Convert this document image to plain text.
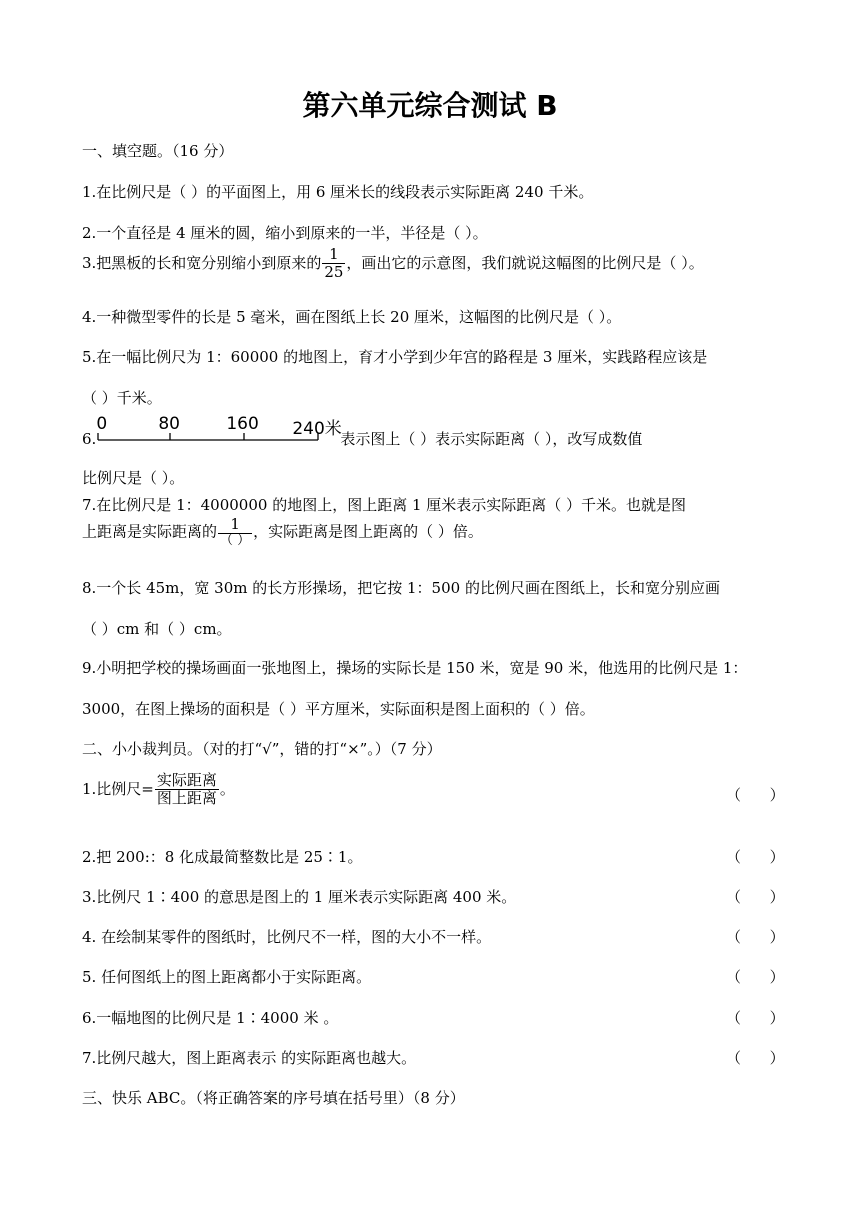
第六单元综合测试 B
一、填空题。（16 分）
1.在比例尺是（ ）的平面图上，用 6 厘米长的线段表示实际距离 240 千米。
2.一个直径是 4 厘米的圆，缩小到原来的一半，半径是（ ）。
3.把黑板的长和宽分别缩小到原来的 $\frac{1}{25}$ ，画出它的示意图，我们就说这幅图的比例尺是（ ）。
4.一种微型零件的长是 5 毫米，画在图纸上长 20 厘米，这幅图的比例尺是（ ）。
5.在一幅比例尺为 1：60000 的地图上，育才小学到少年宫的路程是 3 厘米，实践路程应该是
（ ）千米。
6.
0	80	160 240米
表示图上（ ）表示实际距离（ ），改写成数值
比例尺是（ ）。
7.在比例尺是 1：4000000 的地图上，图上距离 1 厘米表示实际距离（ ）千米。也就是图
上距离是实际距离的 $\frac{1}{( )}$ ，实际距离是图上距离的（ ）倍。
8.一个长 45m，宽 30m 的长方形操场，把它按 1：500 的比例尺画在图纸上，长和宽分别应画
（ ）cm 和（ ）cm。
9.小明把学校的操场画面一张地图上，操场的实际长是 150 米，宽是 90 米，他选用的比例尺是 1：
3000，在图上操场的面积是（ ）平方厘米，实际面积是图上面积的（ ）倍。
二、小小裁判员。（对的打“√”，错的打“×”。）（7 分）
1.比例尺= $\frac{\text{实际距离}}{\text{图上距离}}$ 。	（      ）
2.把 200:：8 化成最简整数比是 25∶1。	（      ）
3.比例尺 1∶400 的意思是图上的 1 厘米表示实际距离 400 米。	（      ）
4. 在绘制某零件的图纸时，比例尺不一样，图的大小不一样。	（      ）
5. 任何图纸上的图上距离都小于实际距离。	（      ）
6.一幅地图的比例尺是 1∶4000 米 。	（      ）
7.比例尺越大，图上距离表示 的实际距离也越大。	（      ）
三、快乐 ABC。（将正确答案的序号填在括号里）（8 分）
